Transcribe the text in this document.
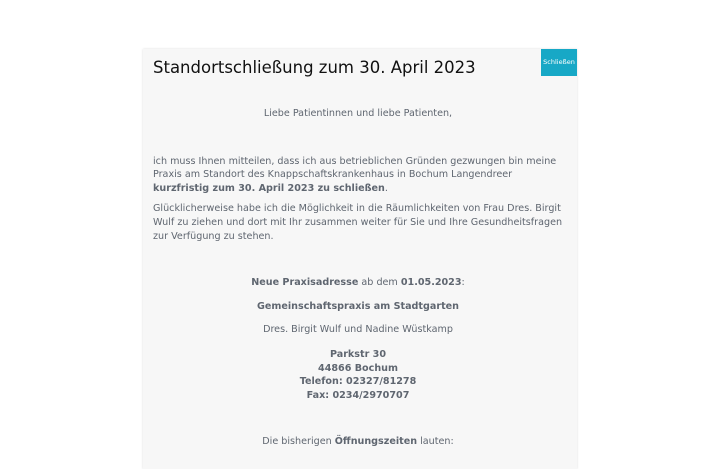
Standortschließung zum 30. April 2023	Schließen

Liebe Patientinnen und liebe Patienten,

ich muss Ihnen mitteilen, dass ich aus betrieblichen Gründen gezwungen bin meine Praxis am Standort des Knappschaftskrankenhaus in Bochum Langendreer kurzfristig zum 30. April 2023 zu schließen.

Glücklicherweise habe ich die Möglichkeit in die Räumlichkeiten von Frau Dres. Birgit Wulf zu ziehen und dort mit Ihr zusammen weiter für Sie und Ihre Gesundheitsfragen zur Verfügung zu stehen.

Neue Praxisadresse ab dem 01.05.2023:

Gemeinschaftspraxis am Stadtgarten

Dres. Birgit Wulf und Nadine Wüstkamp

Parkstr 30

44866 Bochum

Telefon: 02327/81278

Fax: 0234/2970707

Die bisherigen Öffnungszeiten lauten:
